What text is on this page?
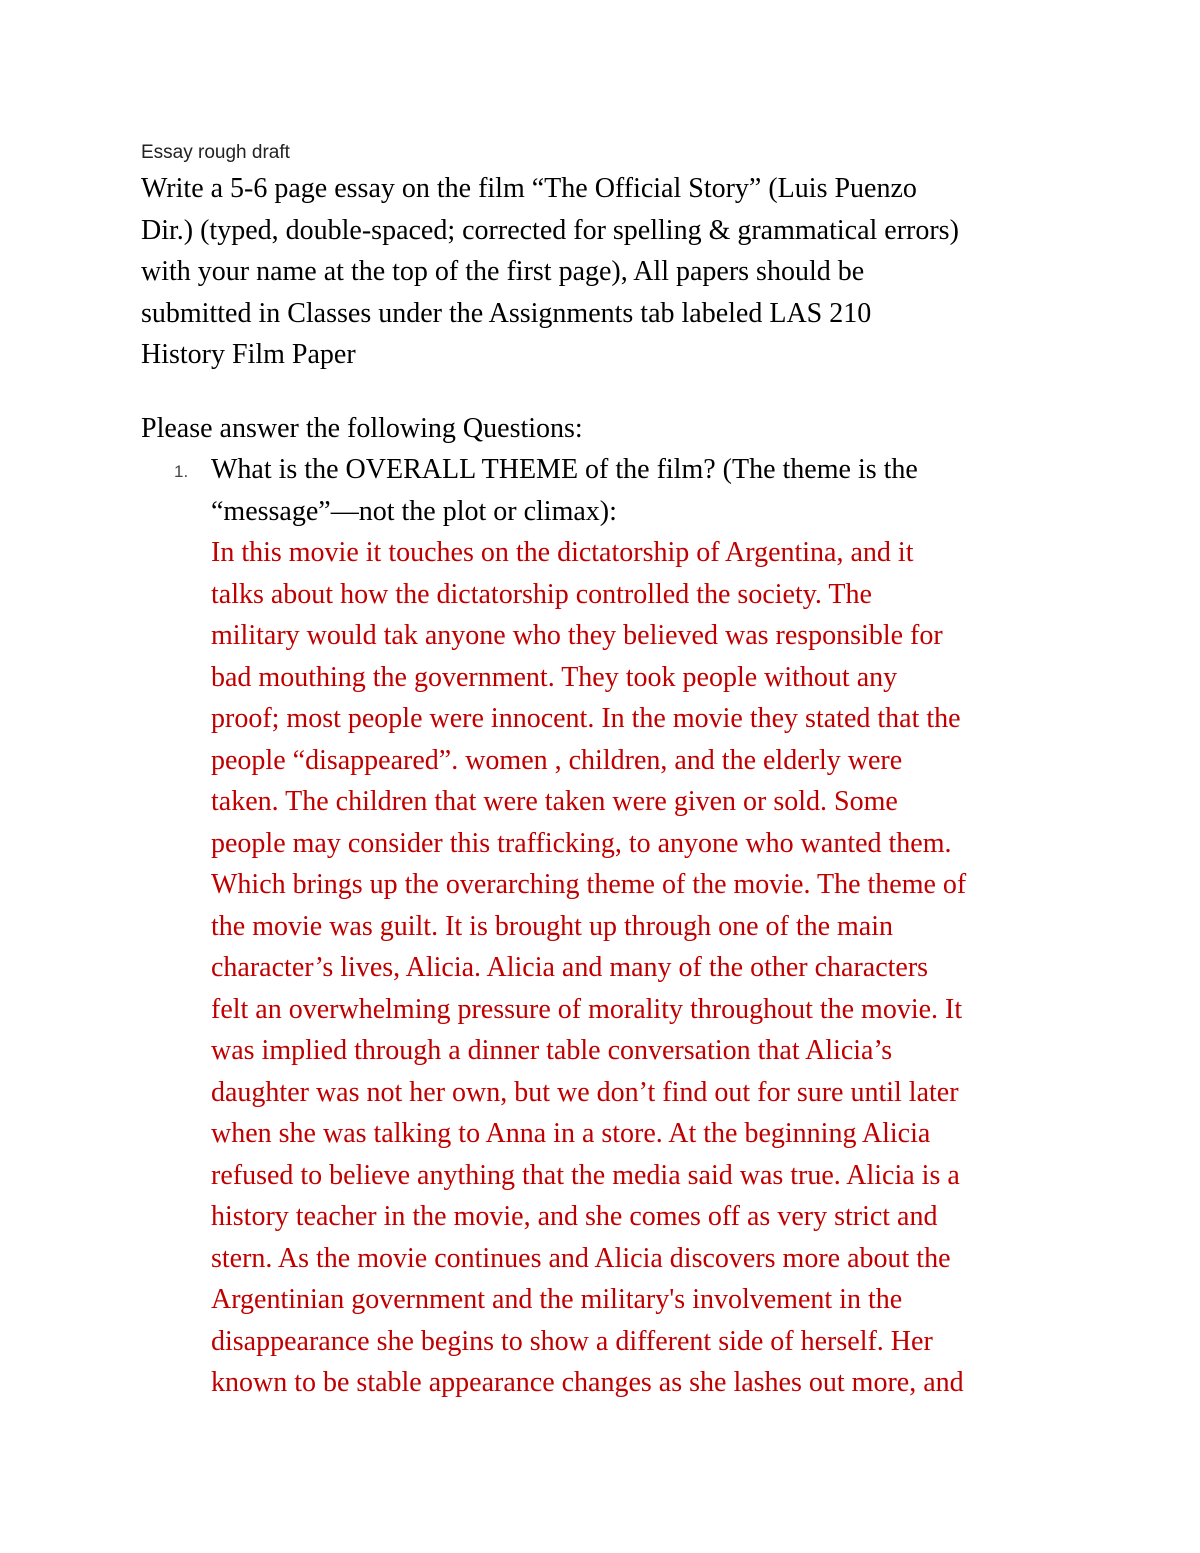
Essay rough draft
Write a 5-6 page essay on the film “The Official Story” (Luis Puenzo
Dir.) (typed, double-spaced; corrected for spelling & grammatical errors)
with your name at the top of the first page), All papers should be
submitted in Classes under the Assignments tab labeled LAS 210
History Film Paper
Please answer the following Questions:
1. What is the OVERALL THEME of the film? (The theme is the
“message”—not the plot or climax):
In this movie it touches on the dictatorship of Argentina, and it
talks about how the dictatorship controlled the society. The
military would tak anyone who they believed was responsible for
bad mouthing the government. They took people without any
proof; most people were innocent. In the movie they stated that the
people “disappeared”. women , children, and the elderly were
taken. The children that were taken were given or sold. Some
people may consider this trafficking, to anyone who wanted them.
Which brings up the overarching theme of the movie. The theme of
the movie was guilt. It is brought up through one of the main
character’s lives, Alicia. Alicia and many of the other characters
felt an overwhelming pressure of morality throughout the movie. It
was implied through a dinner table conversation that Alicia’s
daughter was not her own, but we don’t find out for sure until later
when she was talking to Anna in a store. At the beginning Alicia
refused to believe anything that the media said was true. Alicia is a
history teacher in the movie, and she comes off as very strict and
stern. As the movie continues and Alicia discovers more about the
Argentinian government and the military's involvement in the
disappearance she begins to show a different side of herself. Her
known to be stable appearance changes as she lashes out more, and
